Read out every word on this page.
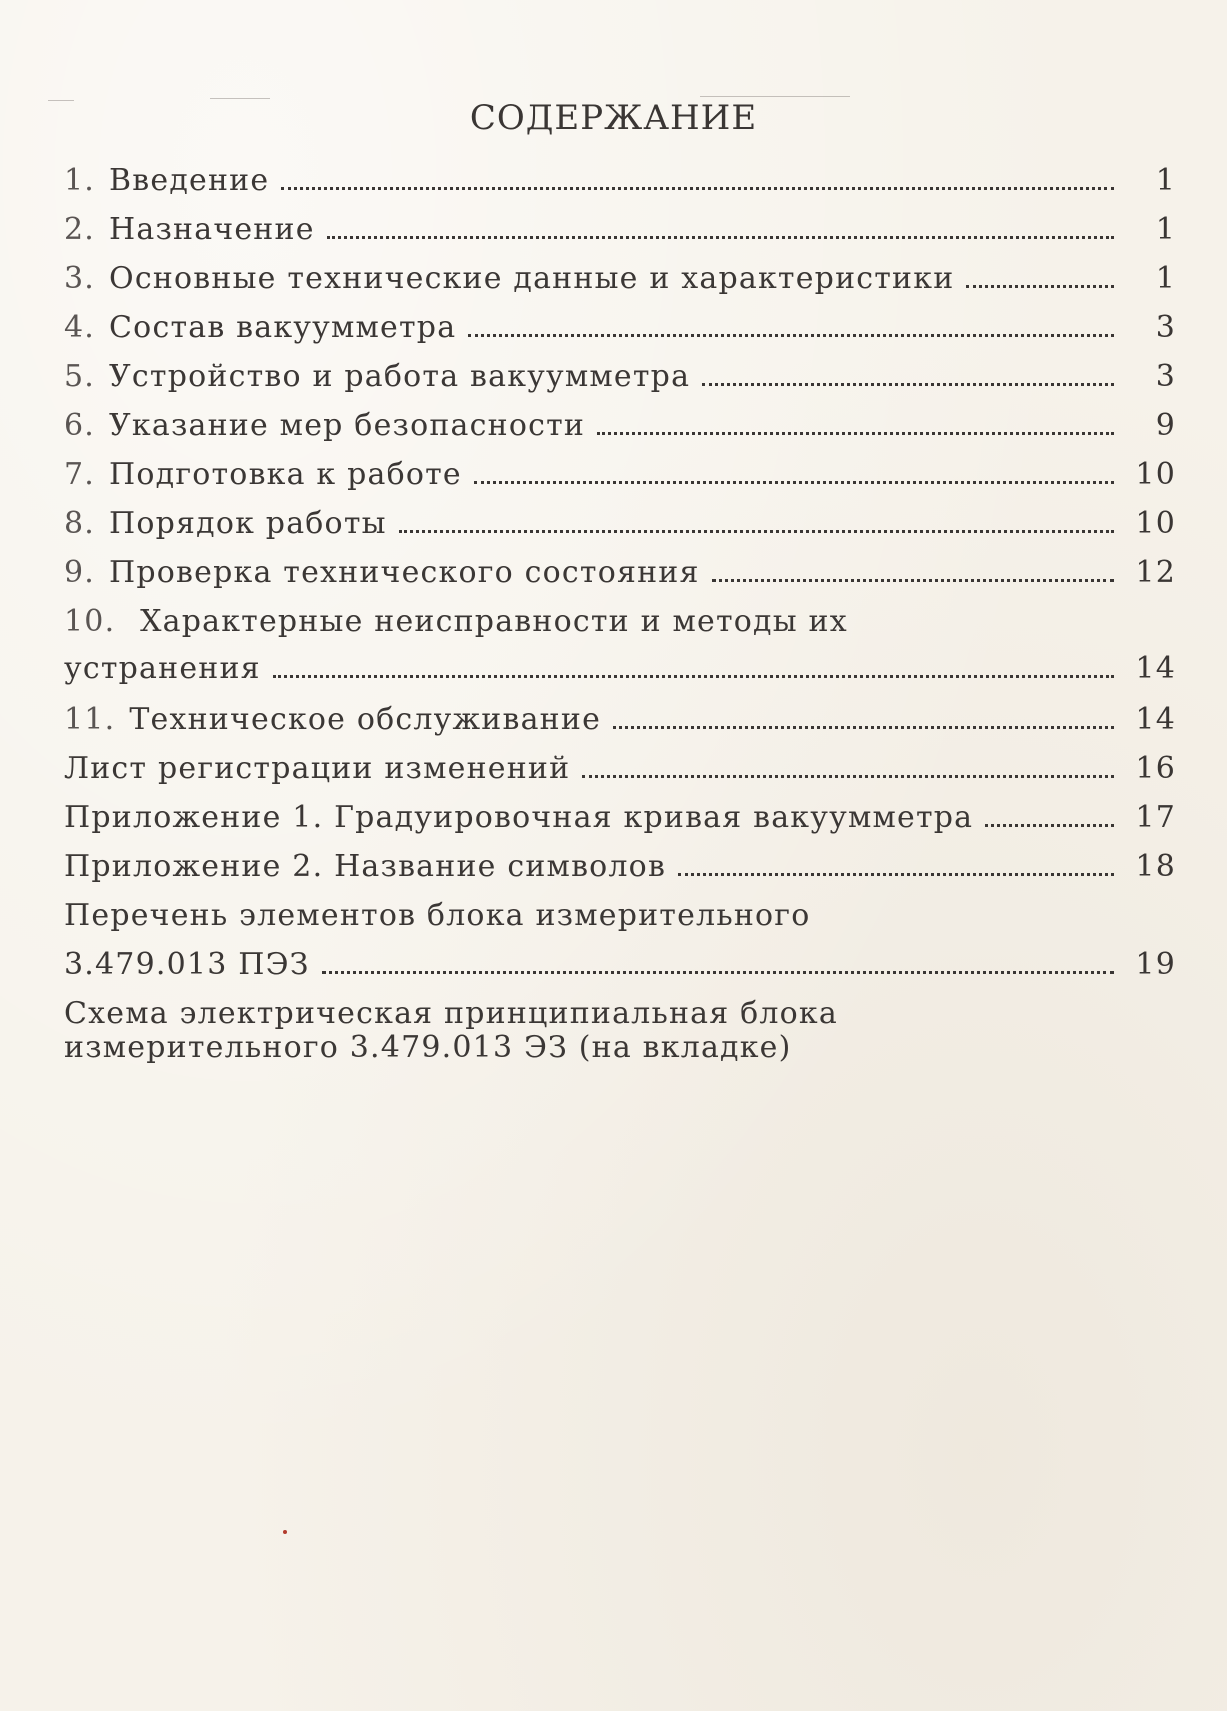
СОДЕРЖАНИЕ
1. Введение	1
2. Назначение	1
3. Основные технические данные и характеристики	1
4. Состав вакуумметра	3
5. Устройство и работа вакуумметра	3
6. Указание мер безопасности	9
7. Подготовка к работе	10
8. Порядок работы	10
9. Проверка технического состояния	12
10. Характерные неисправности и методы их
устранения	14
11. Техническое обслуживание	14
Лист регистрации изменений	16
Приложение 1. Градуировочная кривая вакуумметра	17
Приложение 2. Название символов	18
Перечень элементов блока измерительного
3.479.013 ПЭЗ	19
Схема электрическая принципиальная блока
измерительного 3.479.013 ЭЗ (на вкладке)
